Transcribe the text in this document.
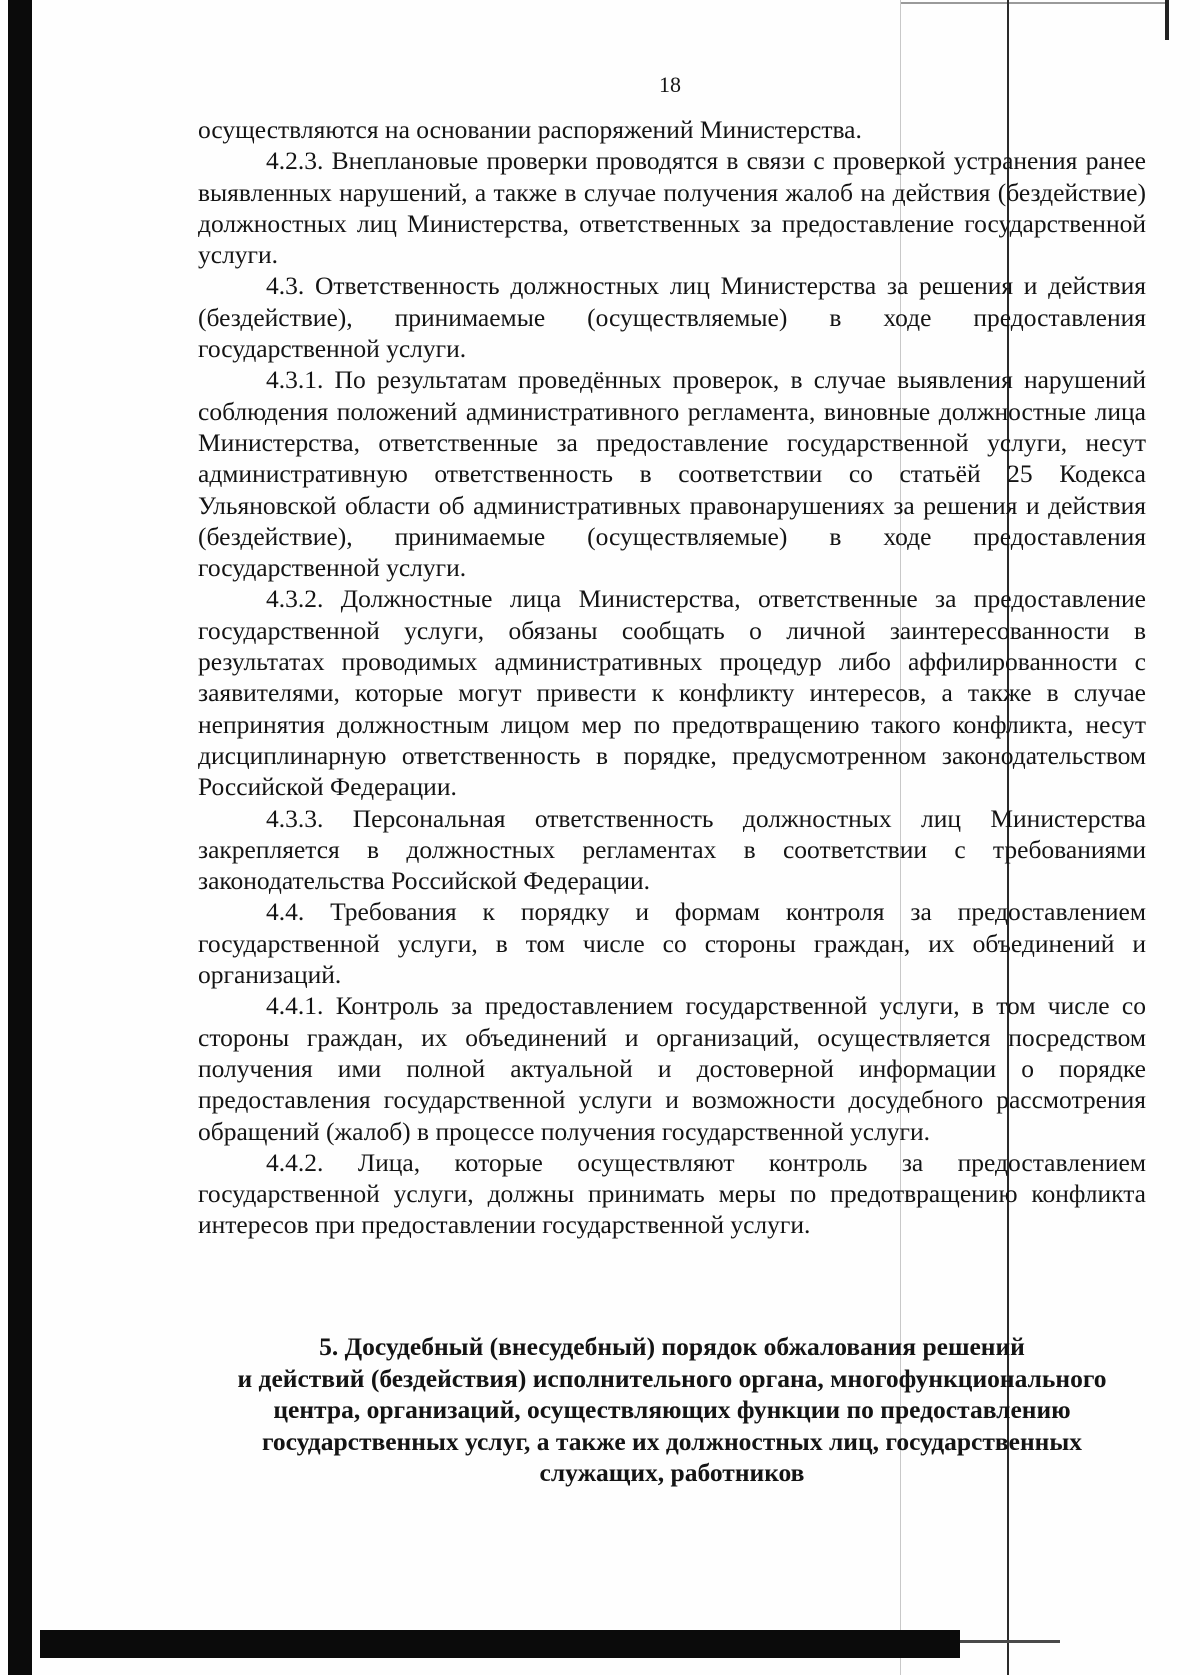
18

осуществляются на основании распоряжений Министерства.

4.2.3. Внеплановые проверки проводятся в связи с проверкой устранения ранее выявленных нарушений, а также в случае получения жалоб на действия (бездействие) должностных лиц Министерства, ответственных за предоставление государственной услуги.

4.3. Ответственность должностных лиц Министерства за решения и действия (бездействие), принимаемые (осуществляемые) в ходе предоставления государственной услуги.

4.3.1. По результатам проведённых проверок, в случае выявления нарушений соблюдения положений административного регламента, виновные должностные лица Министерства, ответственные за предоставление государственной услуги, несут административную ответственность в соответствии со статьёй 25 Кодекса Ульяновской области об административных правонарушениях за решения и действия (бездействие), принимаемые (осуществляемые) в ходе предоставления государственной услуги.

4.3.2. Должностные лица Министерства, ответственные за предоставление государственной услуги, обязаны сообщать о личной заинтересованности в результатах проводимых административных процедур либо аффилированности с заявителями, которые могут привести к конфликту интересов, а также в случае непринятия должностным лицом мер по предотвращению такого конфликта, несут дисциплинарную ответственность в порядке, предусмотренном законодательством Российской Федерации.

4.3.3. Персональная ответственность должностных лиц Министерства закрепляется в должностных регламентах в соответствии с требованиями законодательства Российской Федерации.

4.4. Требования к порядку и формам контроля за предоставлением государственной услуги, в том числе со стороны граждан, их объединений и организаций.

4.4.1. Контроль за предоставлением государственной услуги, в том числе со стороны граждан, их объединений и организаций, осуществляется посредством получения ими полной актуальной и достоверной информации о порядке предоставления государственной услуги и возможности досудебного рассмотрения обращений (жалоб) в процессе получения государственной услуги.

4.4.2. Лица, которые осуществляют контроль за предоставлением государственной услуги, должны принимать меры по предотвращению конфликта интересов при предоставлении государственной услуги.

5. Досудебный (внесудебный) порядок обжалования решений
и действий (бездействия) исполнительного органа, многофункционального
центра, организаций, осуществляющих функции по предоставлению
государственных услуг, а также их должностных лиц, государственных
служащих, работников
